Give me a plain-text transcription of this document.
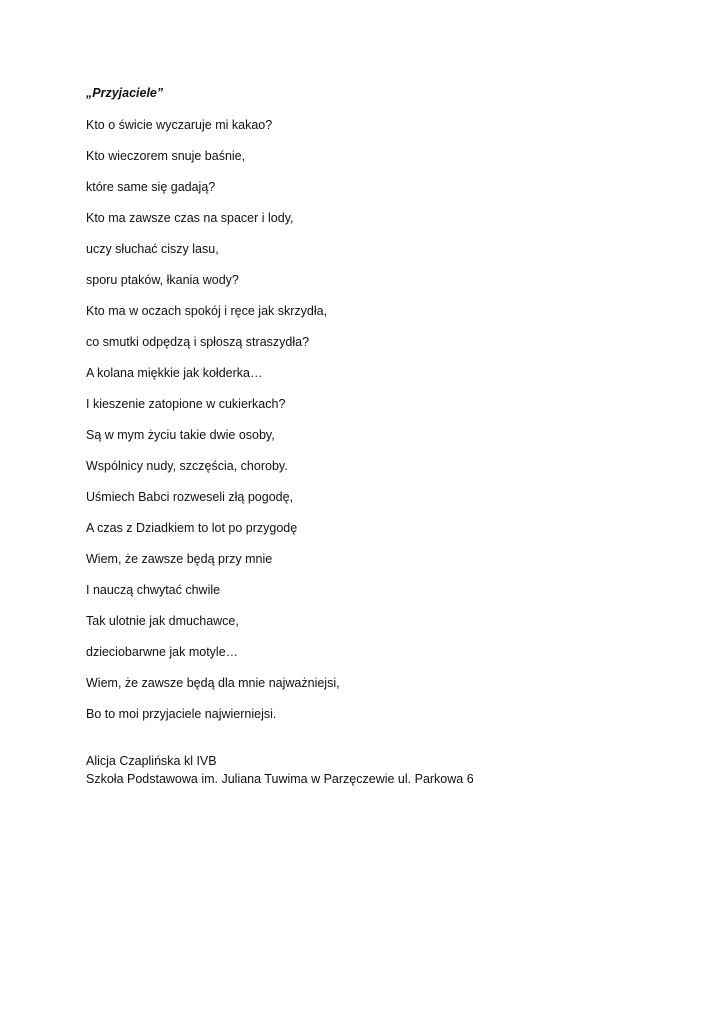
„Przyjaciele”
Kto o świcie wyczaruje mi kakao?
Kto wieczorem snuje baśnie,
które same się gadają?
Kto ma zawsze czas na spacer i lody,
uczy słuchać ciszy lasu,
sporu ptaków, łkania wody?
Kto ma w oczach spokój i ręce jak skrzydła,
co smutki odpędzą i spłoszą straszydła?
A kolana miękkie jak kołderka…
I kieszenie zatopione w cukierkach?
Są w mym życiu takie dwie osoby,
Wspólnicy nudy, szczęścia, choroby.
Uśmiech Babci rozweseli złą pogodę,
A czas z Dziadkiem to lot po przygodę
Wiem, że zawsze będą przy mnie
I nauczą chwytać chwile
Tak ulotnie jak dmuchawce,
dzieciobarwne jak motyle…
Wiem, że zawsze będą dla mnie najważniejsi,
Bo to moi przyjaciele najwierniejsi.
Alicja Czaplińska kl IVB
Szkoła Podstawowa im. Juliana Tuwima w Parzęczewie ul. Parkowa 6
